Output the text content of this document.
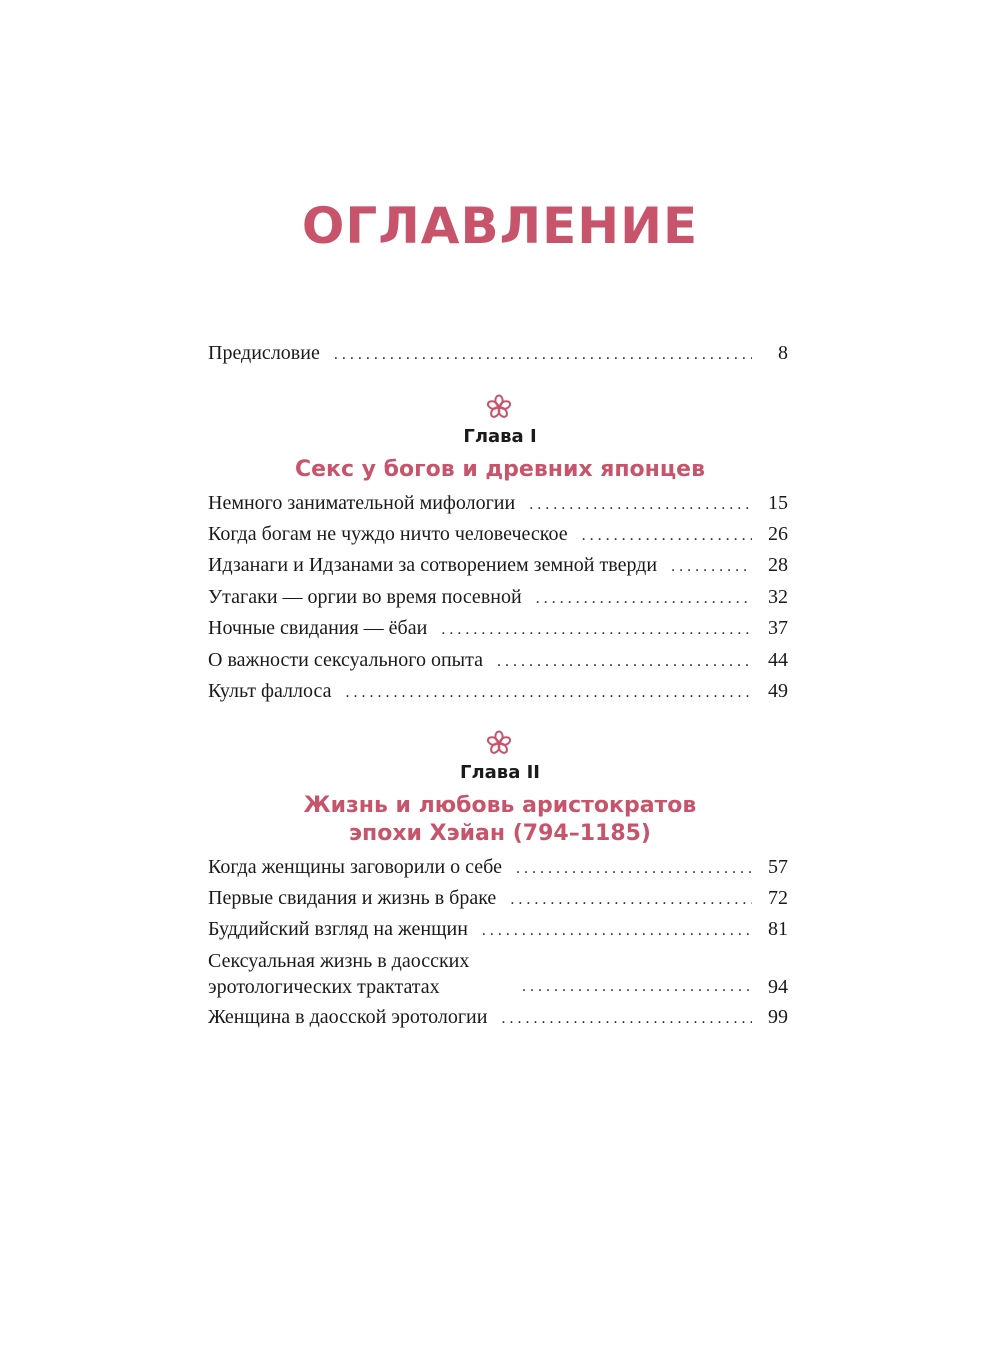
ОГЛАВЛЕНИЕ
Предисловие . . .	8
Глава I
Секс у богов и древних японцев
Немного занимательной мифологии . . .	15
Когда богам не чуждо ничто человеческое . . .	26
Идзанаги и Идзанами за сотворением земной тверди . . .	28
Утагаки — оргии во время посевной . . .	32
Ночные свидания — ёбаи . . .	37
О важности сексуального опыта . . .	44
Культ фаллоса . . .	49
Глава II
Жизнь и любовь аристократов
эпохи Хэйан (794–1185)
Когда женщины заговорили о себе . . .	57
Первые свидания и жизнь в браке . . .	72
Буддийский взгляд на женщин . . .	81
Сексуальная жизнь в даосских
эротологических трактатах . . .	94
Женщина в даосской эротологии . . .	99
